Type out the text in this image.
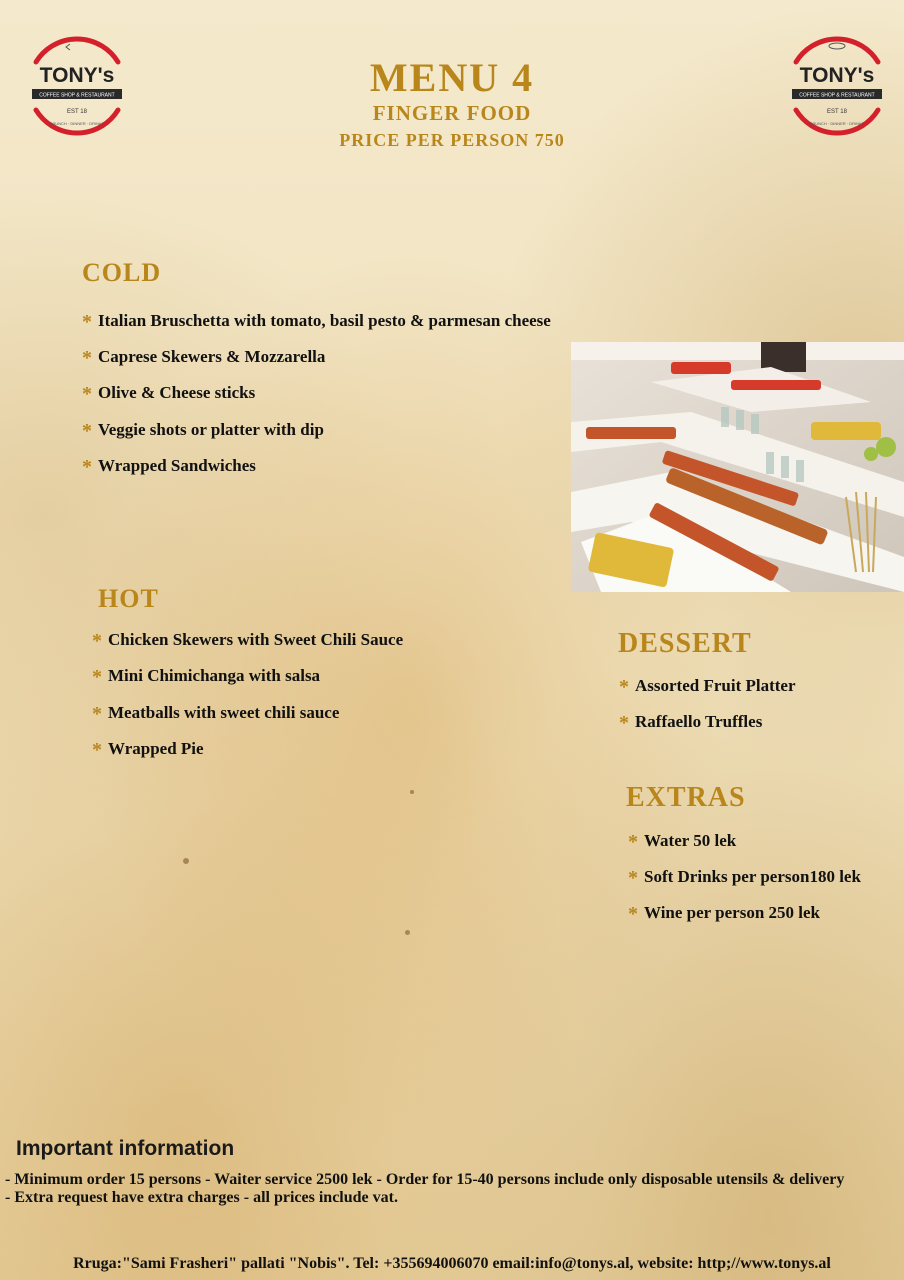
TONY's
COFFEE SHOP & RESTAURANT
EST 18
BRUNCH · DINNER · DRINKS
TONY's
COFFEE SHOP & RESTAURANT
EST 18
BRUNCH · DINNER · DRINKS
MENU 4
FINGER FOOD
PRICE PER PERSON 750
COLD
* Italian Bruschetta with tomato, basil pesto & parmesan cheese
* Caprese Skewers & Mozzarella
* Olive & Cheese sticks
* Veggie shots or platter with dip
* Wrapped Sandwiches
HOT
* Chicken Skewers with Sweet Chili Sauce
* Mini Chimichanga with salsa
* Meatballs with sweet chili sauce
* Wrapped Pie
DESSERT
* Assorted Fruit Platter
* Raffaello Truffles
EXTRAS
* Water 50 lek
* Soft Drinks per person180 lek
* Wine per person 250 lek
Important information
- Minimum order 15 persons - Waiter service 2500 lek - Order for 15-40 persons include only disposable utensils & delivery
- Extra request have extra charges - all prices include vat.
Rruga:"Sami Frasheri" pallati "Nobis". Tel: +355694006070 email:info@tonys.al, website: http;//www.tonys.al
